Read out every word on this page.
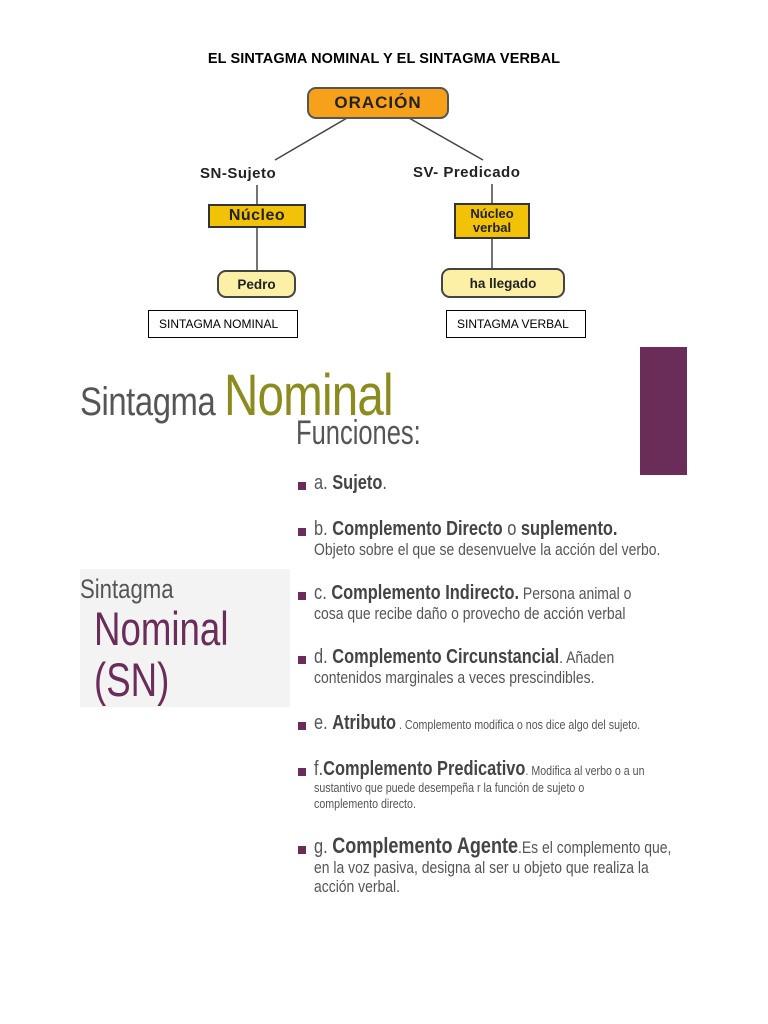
EL SINTAGMA NOMINAL Y EL SINTAGMA VERBAL
ORACIÓN
SN-Sujeto	SV- Predicado
Núcleo	Núcleo
verbal
Pedro	ha llegado
SINTAGMA NOMINAL	SINTAGMA VERBAL
Sintagma Nominal
Funciones:
Sintagma
Nominal
(SN)
a. Sujeto.
b. Complemento Directo o suplemento.
Objeto sobre el que se desenvuelve la acción del verbo.
c. Complemento Indirecto. Persona animal o
cosa que recibe daño o provecho de acción verbal
d. Complemento Circunstancial. Añaden
contenidos marginales a veces prescindibles.
e. Atributo . Complemento modifica o nos dice algo del sujeto.
f.Complemento Predicativo. Modifica al verbo o a un
sustantivo que puede desempeña r la función de sujeto o
complemento directo.
g. Complemento Agente.Es el complemento que,
en la voz pasiva, designa al ser u objeto que realiza la
acción verbal.
